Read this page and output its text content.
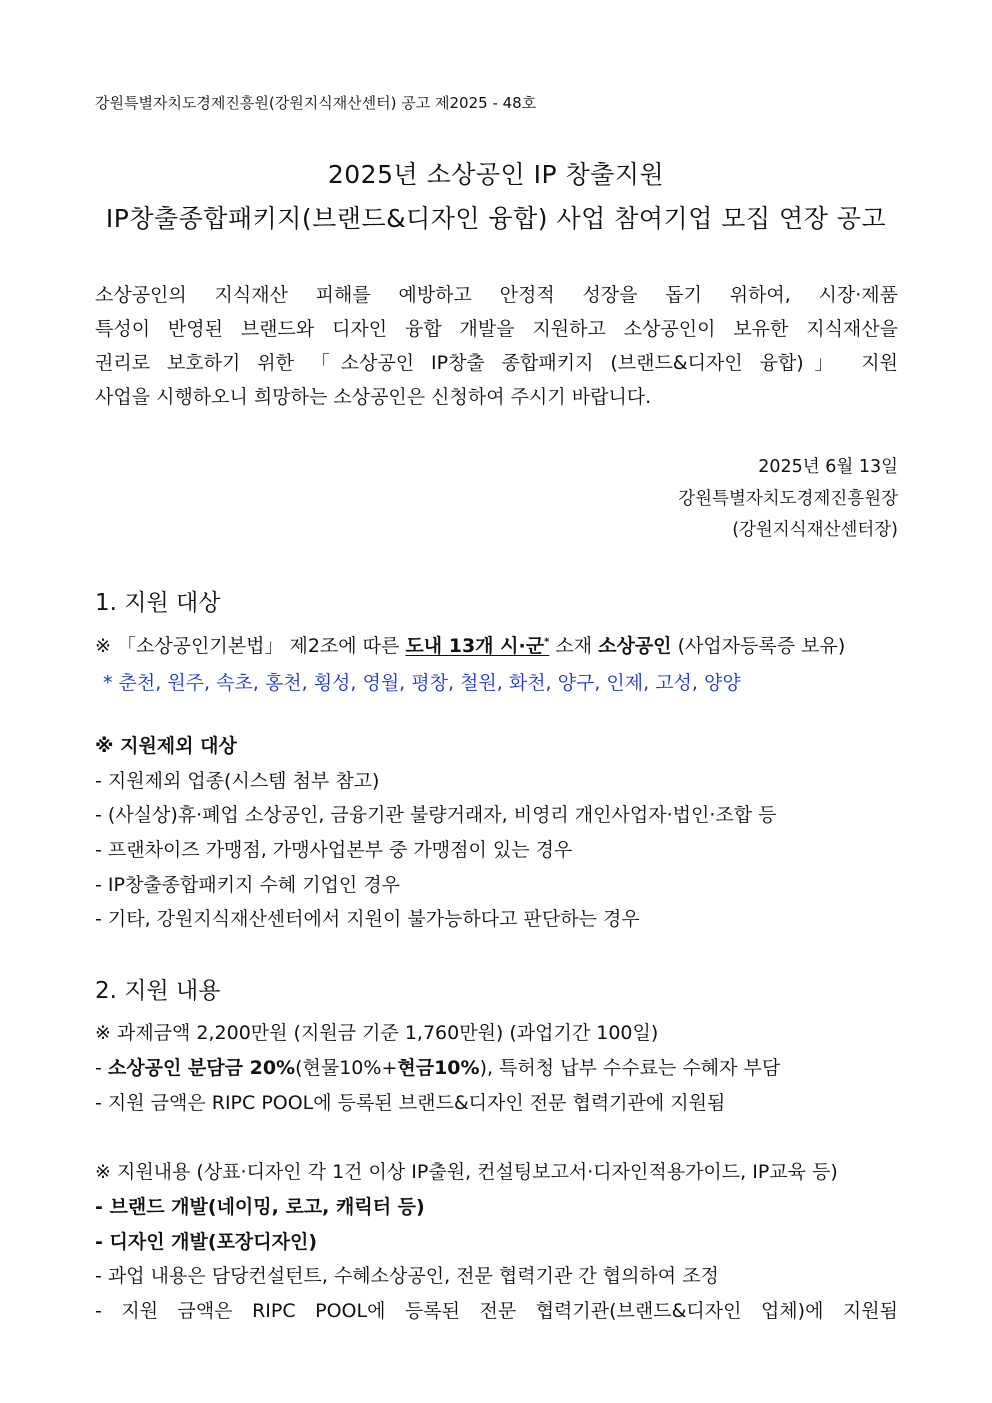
강원특별자치도경제진흥원(강원지식재산센터) 공고 제2025 - 48호
2025년 소상공인 IP 창출지원
IP창출종합패키지(브랜드&디자인 융합) 사업 참여기업 모집 연장 공고
소상공인의 지식재산 피해를 예방하고 안정적 성장을 돕기 위하여, 시장·제품
특성이 반영된 브랜드와 디자인 융합 개발을 지원하고 소상공인이 보유한 지식재산을
권리로 보호하기 위한 「소상공인 IP창출 종합패키지 (브랜드&디자인 융합)」 지원
사업을 시행하오니 희망하는 소상공인은 신청하여 주시기 바랍니다.
2025년 6월 13일
강원특별자치도경제진흥원장
(강원지식재산센터장)
1. 지원 대상
※ 「소상공인기본법」 제2조에 따른 도내 13개 시·군* 소재 소상공인 (사업자등록증 보유)
* 춘천, 원주, 속초, 홍천, 횡성, 영월, 평창, 철원, 화천, 양구, 인제, 고성, 양양
※ 지원제외 대상
- 지원제외 업종(시스템 첨부 참고)
- (사실상)휴·폐업 소상공인, 금융기관 불량거래자, 비영리 개인사업자·법인·조합 등
- 프랜차이즈 가맹점, 가맹사업본부 중 가맹점이 있는 경우
- IP창출종합패키지 수혜 기업인 경우
- 기타, 강원지식재산센터에서 지원이 불가능하다고 판단하는 경우
2. 지원 내용
※ 과제금액 2,200만원 (지원금 기준 1,760만원) (과업기간 100일)
- 소상공인 분담금 20%(현물10%+현금10%), 특허청 납부 수수료는 수혜자 부담
- 지원 금액은 RIPC POOL에 등록된 브랜드&디자인 전문 협력기관에 지원됨
※ 지원내용 (상표·디자인 각 1건 이상 IP출원, 컨설팅보고서·디자인적용가이드, IP교육 등)
- 브랜드 개발(네이밍, 로고, 캐릭터 등)
- 디자인 개발(포장디자인)
- 과업 내용은 담당컨설턴트, 수혜소상공인, 전문 협력기관 간 협의하여 조정
- 지원 금액은 RIPC POOL에 등록된 전문 협력기관(브랜드&디자인 업체)에 지원됨
